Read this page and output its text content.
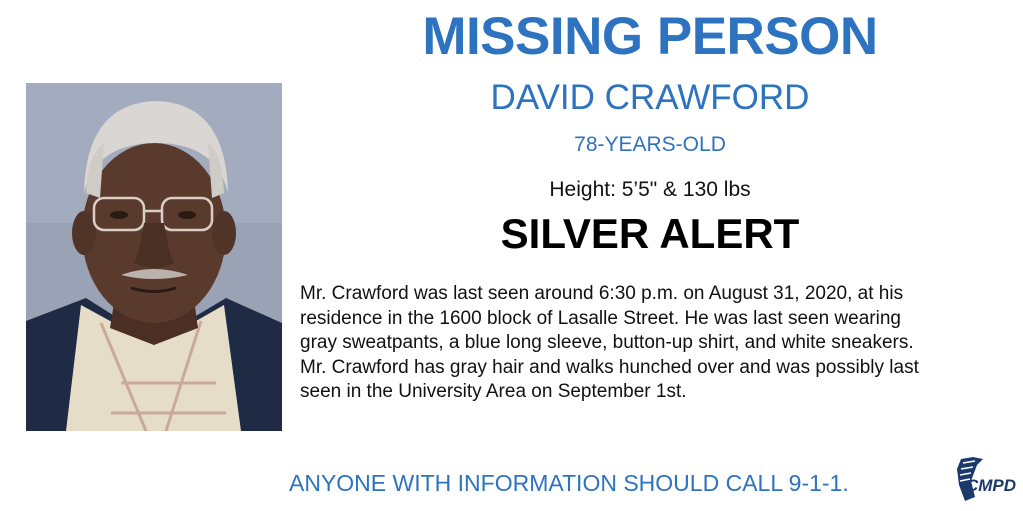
MISSING PERSON
DAVID CRAWFORD
78-YEARS-OLD
Height: 5’5" & 130 lbs
SILVER ALERT
Mr. Crawford was last seen around 6:30 p.m. on August 31, 2020, at his
residence in the 1600 block of Lasalle Street. He was last seen wearing
gray sweatpants, a blue long sleeve, button-up shirt, and white sneakers.
Mr. Crawford has gray hair and walks hunched over and was possibly last
seen in the University Area on September 1st.
ANYONE WITH INFORMATION SHOULD CALL 9-1-1.	CMPD
